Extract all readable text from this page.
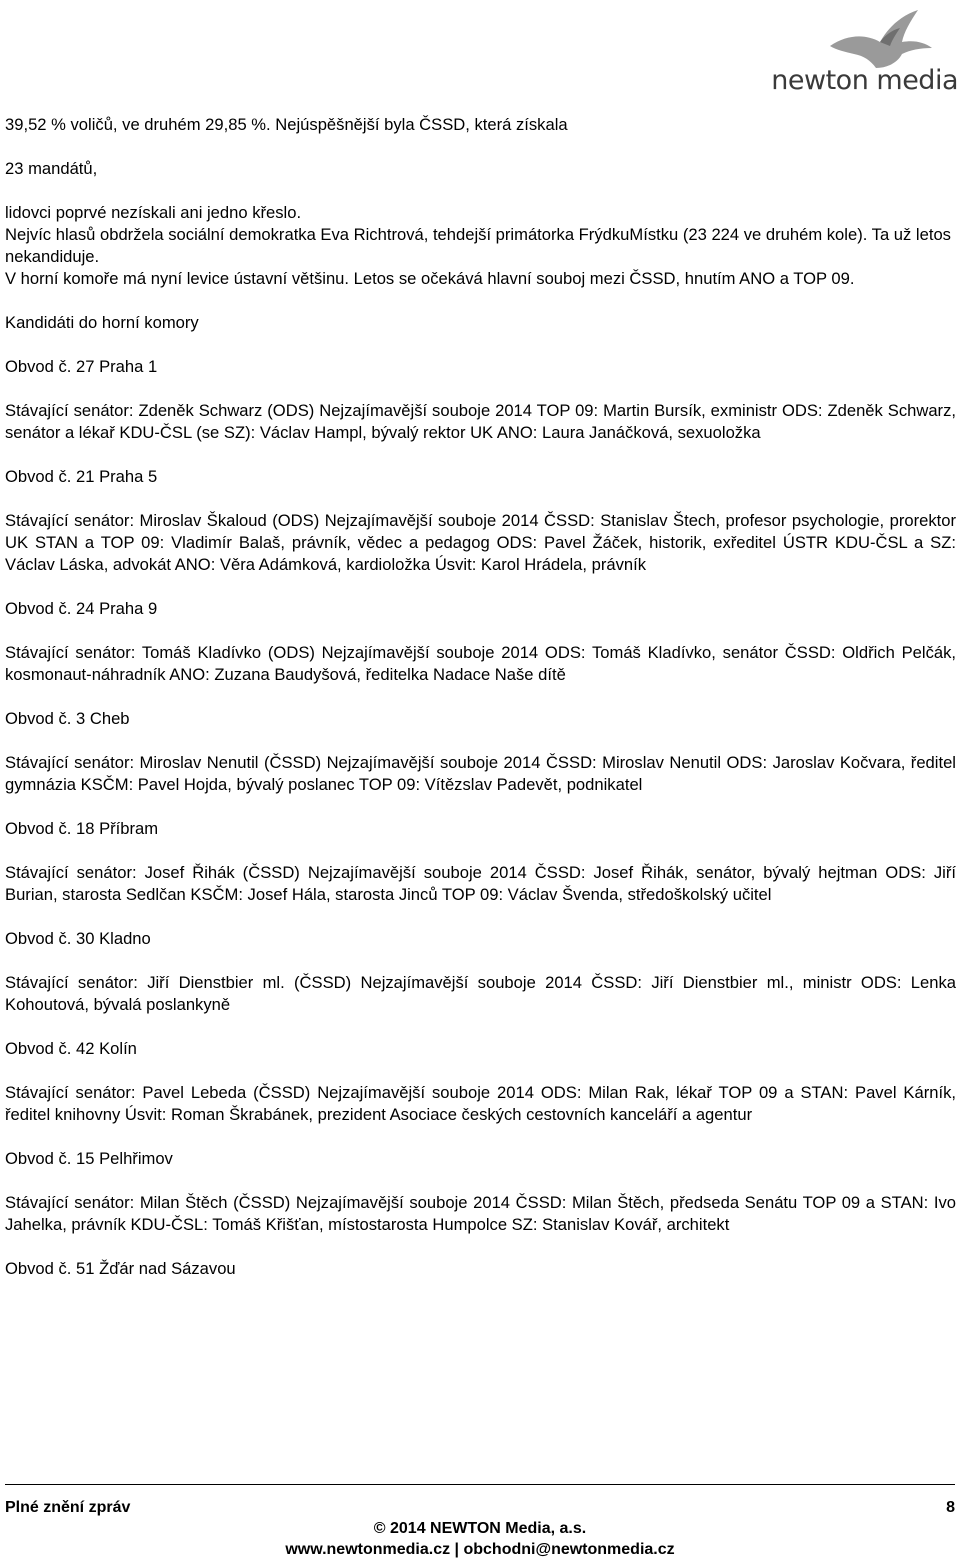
newton media

39,52 % voličů, ve druhém 29,85 %. Nejúspěšnější byla ČSSD, která získala

23 mandátů,

lidovci poprvé nezískali ani jedno křeslo.

Nejvíc hlasů obdržela sociální demokratka Eva Richtrová, tehdejší primátorka FrýdkuMístku (23 224 ve druhém kole). Ta už letos nekandiduje.

V horní komoře má nyní levice ústavní většinu. Letos se očekává hlavní souboj mezi ČSSD, hnutím ANO a TOP 09.

Kandidáti do horní komory

Obvod č. 27 Praha 1

Stávající senátor: Zdeněk Schwarz (ODS) Nejzajímavější souboje 2014 TOP 09: Martin Bursík, exministr ODS: Zdeněk Schwarz, senátor a lékař KDU-ČSL (se SZ): Václav Hampl, bývalý rektor UK ANO: Laura Janáčková, sexuoložka

Obvod č. 21 Praha 5

Stávající senátor: Miroslav Škaloud (ODS) Nejzajímavější souboje 2014 ČSSD: Stanislav Štech, profesor psychologie, prorektor UK STAN a TOP 09: Vladimír Balaš, právník, vědec a pedagog ODS: Pavel Žáček, historik, exředitel ÚSTR KDU-ČSL a SZ: Václav Láska, advokát ANO: Věra Adámková, kardioložka Úsvit: Karol Hrádela, právník

Obvod č. 24 Praha 9

Stávající senátor: Tomáš Kladívko (ODS) Nejzajímavější souboje 2014 ODS: Tomáš Kladívko, senátor ČSSD: Oldřich Pelčák, kosmonaut-náhradník ANO: Zuzana Baudyšová, ředitelka Nadace Naše dítě

Obvod č. 3 Cheb

Stávající senátor: Miroslav Nenutil (ČSSD) Nejzajímavější souboje 2014 ČSSD: Miroslav Nenutil ODS: Jaroslav Kočvara, ředitel gymnázia KSČM: Pavel Hojda, bývalý poslanec TOP 09: Vítězslav Padevět, podnikatel

Obvod č. 18 Příbram

Stávající senátor: Josef Řihák (ČSSD) Nejzajímavější souboje 2014 ČSSD: Josef Řihák, senátor, bývalý hejtman ODS: Jiří Burian, starosta Sedlčan KSČM: Josef Hála, starosta Jinců TOP 09: Václav Švenda, středoškolský učitel

Obvod č. 30 Kladno

Stávající senátor: Jiří Dienstbier ml. (ČSSD) Nejzajímavější souboje 2014 ČSSD: Jiří Dienstbier ml., ministr ODS: Lenka Kohoutová, bývalá poslankyně

Obvod č. 42 Kolín

Stávající senátor: Pavel Lebeda (ČSSD) Nejzajímavější souboje 2014 ODS: Milan Rak, lékař TOP 09 a STAN: Pavel Kárník, ředitel knihovny Úsvit: Roman Škrabánek, prezident Asociace českých cestovních kanceláří a agentur

Obvod č. 15 Pelhřimov

Stávající senátor: Milan Štěch (ČSSD) Nejzajímavější souboje 2014 ČSSD: Milan Štěch, předseda Senátu TOP 09 a STAN: Ivo Jahelka, právník KDU-ČSL: Tomáš Křišťan, místostarosta Humpolce SZ: Stanislav Kovář, architekt

Obvod č. 51 Žďár nad Sázavou

Plné znění zpráv	8
© 2014 NEWTON Media, a.s.
www.newtonmedia.cz | obchodni@newtonmedia.cz
